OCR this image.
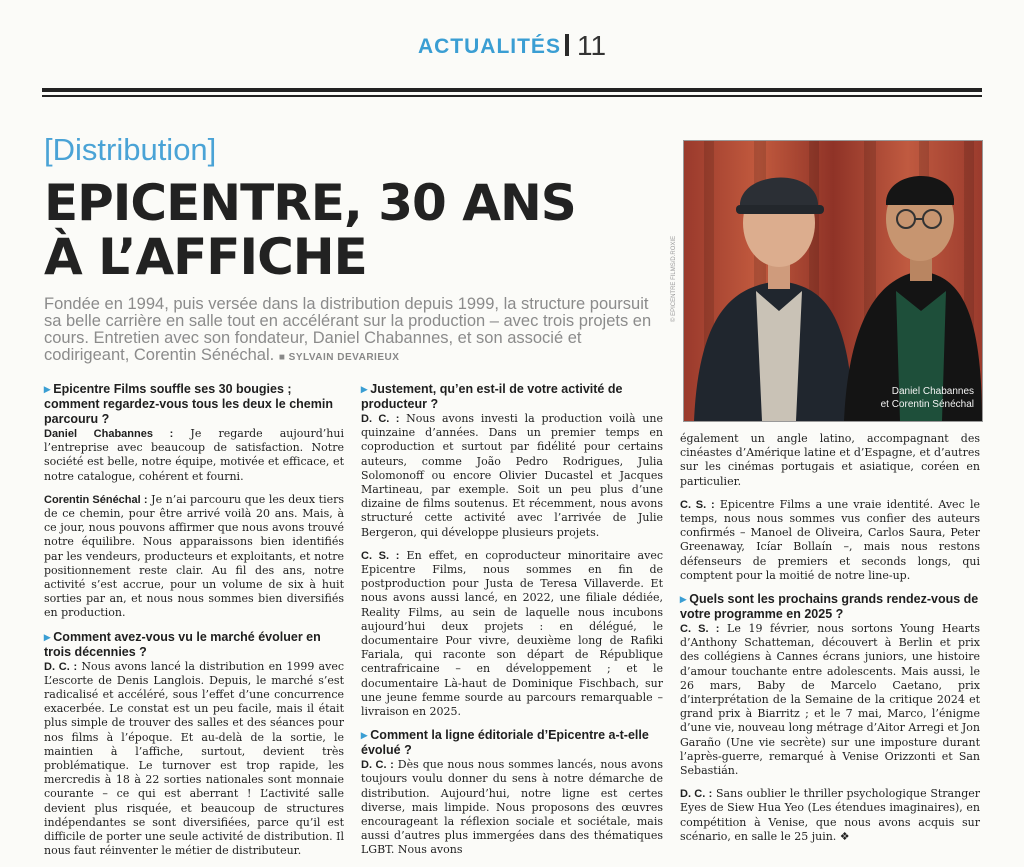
ACTUALITÉS 11
[Distribution]
EPICENTRE, 30 ANS
À L’AFFICHE
Fondée en 1994, puis versée dans la distribution depuis 1999, la structure poursuit sa belle carrière en salle tout en accélérant sur la production – avec trois projets en cours. Entretien avec son fondateur, Daniel Chabannes, et son associé et codirigeant, Corentin Sénéchal. ■ SYLVAIN DEVARIEUX
Daniel Chabannes
et Corentin Sénéchal
© EPICENTRE FILMS/D.ROXIE

▸ Epicentre Films souffle ses 30 bougies ; comment regardez-vous tous les deux le chemin parcouru ?

Daniel Chabannes : Je regarde aujourd’hui l’entreprise avec beaucoup de satisfaction. Notre société est belle, notre équipe, motivée et efficace, et notre catalogue, cohérent et fourni.

Corentin Sénéchal : Je n’ai parcouru que les deux tiers de ce chemin, pour être arrivé voilà 20 ans. Mais, à ce jour, nous pouvons affirmer que nous avons trouvé notre équilibre. Nous apparaissons bien identifiés par les vendeurs, producteurs et exploitants, et notre positionnement reste clair. Au fil des ans, notre activité s’est accrue, pour un volume de six à huit sorties par an, et nous nous sommes bien diversifiés en production.

▸ Comment avez-vous vu le marché évoluer en trois décennies ?

D. C. : Nous avons lancé la distribution en 1999 avec L’escorte de Denis Langlois. Depuis, le marché s’est radicalisé et accéléré, sous l’effet d’une concurrence exacerbée. Le constat est un peu facile, mais il était plus simple de trouver des salles et des séances pour nos films à l’époque. Et au-delà de la sortie, le maintien à l’affiche, surtout, devient très problématique. Le turnover est trop rapide, les mercredis à 18 à 22 sorties nationales sont monnaie courante – ce qui est aberrant ! L’activité salle devient plus risquée, et beaucoup de structures indépendantes se sont diversifiées, parce qu’il est difficile de porter une seule activité de distribution. Il nous faut réinventer le métier de distributeur.

▸ Justement, qu’en est-il de votre activité de producteur ?

D. C. : Nous avons investi la production voilà une quinzaine d’années. Dans un premier temps en coproduction et surtout par fidélité pour certains auteurs, comme João Pedro Rodrigues, Julia Solomonoff ou encore Olivier Ducastel et Jacques Martineau, par exemple. Soit un peu plus d’une dizaine de films soutenus. Et récemment, nous avons structuré cette activité avec l’arrivée de Julie Bergeron, qui développe plusieurs projets.

C. S. : En effet, en coproducteur minoritaire avec Epicentre Films, nous sommes en fin de postproduction pour Justa de Teresa Villaverde. Et nous avons aussi lancé, en 2022, une filiale dédiée, Reality Films, au sein de laquelle nous incubons aujourd’hui deux projets : en délégué, le documentaire Pour vivre, deuxième long de Rafiki Fariala, qui raconte son départ de République centrafricaine – en développement ; et le documentaire Là-haut de Dominique Fischbach, sur une jeune femme sourde au parcours remarquable – livraison en 2025.

▸ Comment la ligne éditoriale d’Epicentre a-t-elle évolué ?

D. C. : Dès que nous nous sommes lancés, nous avons toujours voulu donner du sens à notre démarche de distribution. Aujourd’hui, notre ligne est certes diverse, mais limpide. Nous proposons des œuvres encourageant la réflexion sociale et sociétale, mais aussi d’autres plus immergées dans des thématiques LGBT. Nous avons

également un angle latino, accompagnant des cinéastes d’Amérique latine et d’Espagne, et d’autres sur les cinémas portugais et asiatique, coréen en particulier.

C. S. : Epicentre Films a une vraie identité. Avec le temps, nous nous sommes vus confier des auteurs confirmés – Manoel de Oliveira, Carlos Saura, Peter Greenaway, Icíar Bollaín –, mais nous restons défenseurs de premiers et seconds longs, qui comptent pour la moitié de notre line-up.

▸ Quels sont les prochains grands rendez-vous de votre programme en 2025 ?

C. S. : Le 19 février, nous sortons Young Hearts d’Anthony Schatteman, découvert à Berlin et prix des collégiens à Cannes écrans juniors, une histoire d’amour touchante entre adolescents. Mais aussi, le 26 mars, Baby de Marcelo Caetano, prix d’interprétation de la Semaine de la critique 2024 et grand prix à Biarritz ; et le 7 mai, Marco, l’énigme d’une vie, nouveau long métrage d’Aitor Arregi et Jon Garaño (Une vie secrète) sur une imposture durant l’après-guerre, remarqué à Venise Orizzonti et San Sebastián.

D. C. : Sans oublier le thriller psychologique Stranger Eyes de Siew Hua Yeo (Les étendues imaginaires), en compétition à Venise, que nous avons acquis sur scénario, en salle le 25 juin. ❖
